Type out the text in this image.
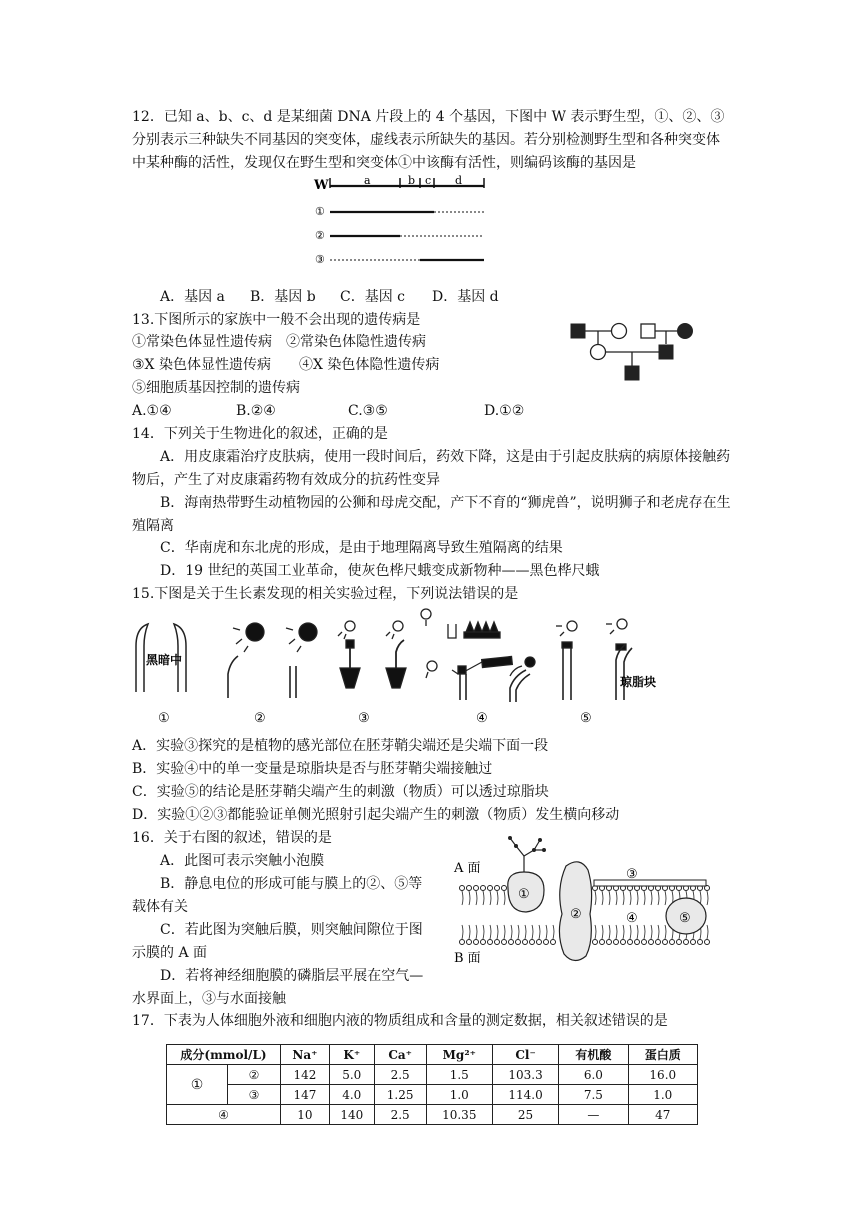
12．已知 a、b、c、d 是某细菌 DNA 片段上的 4 个基因，下图中 W 表示野生型，①、②、③分别表示三种缺失不同基因的突变体，虚线表示所缺失的基因。若分别检测野生型和各种突变体中某种酶的活性，发现仅在野生型和突变体①中该酶有活性，则编码该酶的基因是
W	a	b c d
①
②
③
A．基因 a B．基因 b C．基因 c D．基因 d
13.下图所示的家族中一般不会出现的遗传病是
①常染色体显性遗传病　②常染色体隐性遗传病
③X 染色体显性遗传病　　④X 染色体隐性遗传病
⑤细胞质基因控制的遗传病
A.①④	B.②④	C.③⑤	D.①②
14．下列关于生物进化的叙述，正确的是
A．用皮康霜治疗皮肤病，使用一段时间后，药效下降，这是由于引起皮肤病的病原体接触药物后，产生了对皮康霜药物有效成分的抗药性变异
B．海南热带野生动植物园的公狮和母虎交配，产下不育的“狮虎兽”，说明狮子和老虎存在生殖隔离
C．华南虎和东北虎的形成，是由于地理隔离导致生殖隔离的结果
D．19 世纪的英国工业革命，使灰色桦尺蛾变成新物种——黑色桦尺蛾
15.下图是关于生长素发现的相关实验过程，下列说法错误的是
黑暗中
①	②	③	④
琼脂块
⑤
A．实验③探究的是植物的感光部位在胚芽鞘尖端还是尖端下面一段
B．实验④中的单一变量是琼脂块是否与胚芽鞘尖端接触过
C．实验⑤的结论是胚芽鞘尖端产生的刺激（物质）可以透过琼脂块
D．实验①②③都能验证单侧光照射引起尖端产生的刺激（物质）发生横向移动
16．关于右图的叙述，错误的是
A．此图可表示突触小泡膜
B．静息电位的形成可能与膜上的②、⑤等载体有关
C．若此图为突触后膜，则突触间隙位于图示膜的 A 面
D．若将神经细胞膜的磷脂层平展在空气—水界面上，③与水面接触
A 面
B 面
①
②
③
④	⑤
17．下表为人体细胞外液和细胞内液的物质组成和含量的测定数据，相关叙述错误的是
成分(mmol/L)		Na⁺	K⁺	Ca⁺	Mg²⁺	Cl⁻	有机酸	蛋白质
①	②	142	5.0	2.5	1.5	103.3	6.0	16.0
	③	147	4.0	1.25	1.0	114.0	7.5	1.0
④		10	140	2.5	10.35	25	—	47
